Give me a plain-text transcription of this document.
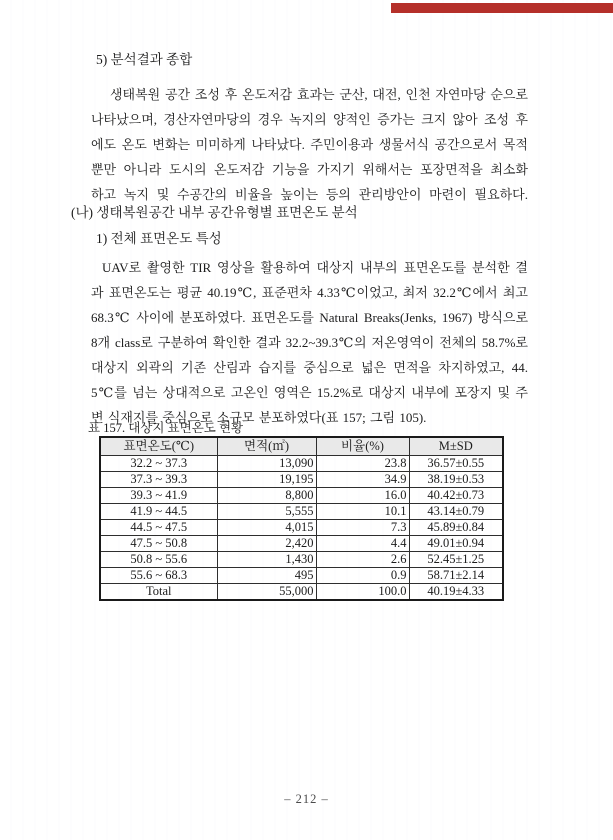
5) 분석결과 종합
생태복원 공간 조성 후 온도저감 효과는 군산, 대전, 인천 자연마당 순으로
나타났으며, 경산자연마당의 경우 녹지의 양적인 증가는 크지 않아 조성 후
에도 온도 변화는 미미하게 나타났다. 주민이용과 생물서식 공간으로서 목적
뿐만 아니라 도시의 온도저감 기능을 가지기 위해서는 포장면적을 최소화
하고 녹지 및 수공간의 비율을 높이는 등의 관리방안이 마련이 필요하다.
(나) 생태복원공간 내부 공간유형별 표면온도 분석
1) 전체 표면온도 특성
UAV로 촬영한 TIR 영상을 활용하여 대상지 내부의 표면온도를 분석한 결
과 표면온도는 평균 40.19℃, 표준편차 4.33℃이었고, 최저 32.2℃에서 최고
68.3℃ 사이에 분포하였다. 표면온도를 Natural Breaks(Jenks, 1967) 방식으로
8개 class로 구분하여 확인한 결과 32.2~39.3℃의 저온영역이 전체의 58.7%로
대상지 외곽의 기존 산림과 습지를 중심으로 넓은 면적을 차지하였고, 44.
5℃를 넘는 상대적으로 고온인 영역은 15.2%로 대상지 내부에 포장지 및 주
변 식재지를 중심으로 소규모 분포하였다(표 157; 그림 105).
표 157. 대상지 표면온도 현황
표면온도(℃)	면적(㎡)	비율(%)	M±SD
32.2 ~ 37.3	13,090	23.8	36.57±0.55
37.3 ~ 39.3	19,195	34.9	38.19±0.53
39.3 ~ 41.9	8,800	16.0	40.42±0.73
41.9 ~ 44.5	5,555	10.1	43.14±0.79
44.5 ~ 47.5	4,015	7.3	45.89±0.84
47.5 ~ 50.8	2,420	4.4	49.01±0.94
50.8 ~ 55.6	1,430	2.6	52.45±1.25
55.6 ~ 68.3	495	0.9	58.71±2.14
Total	55,000	100.0	40.19±4.33
– 212 –
